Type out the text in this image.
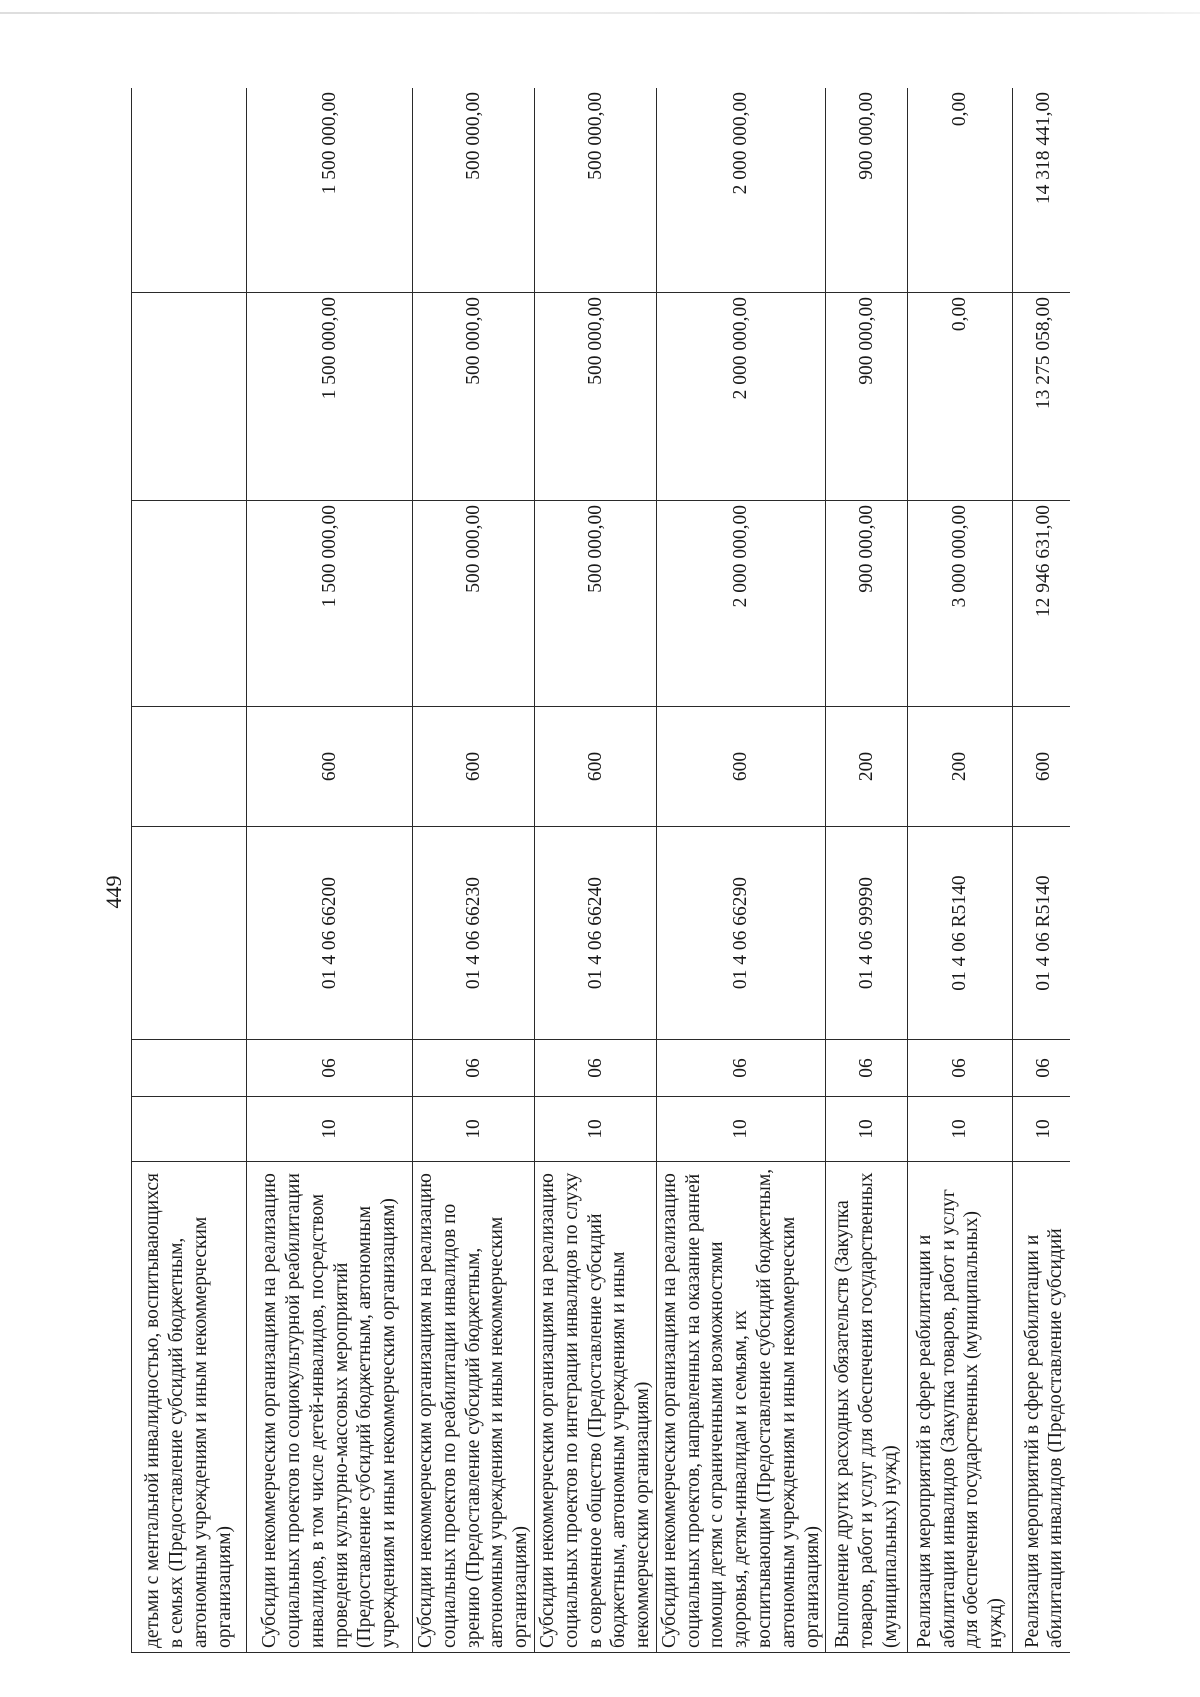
449
детьми с ментальной инвалидностью, воспитывающихся в семьях (Предоставление субсидий бюджетным, автономным учреждениям и иным некоммерческим организациям)							
Субсидии некоммерческим организациям на реализацию социальных проектов по социокультурной реабилитации инвалидов, в том числе детей-инвалидов, посредством проведения культурно-массовых мероприятий (Предоставление субсидий бюджетным, автономным учреждениям и иным некоммерческим организациям)	10	06	01 4 06 66200	600	1 500 000,00	1 500 000,00	1 500 000,00
Субсидии некоммерческим организациям на реализацию социальных проектов по реабилитации инвалидов по зрению (Предоставление субсидий бюджетным, автономным учреждениям и иным некоммерческим организациям)	10	06	01 4 06 66230	600	500 000,00	500 000,00	500 000,00
Субсидии некоммерческим организациям на реализацию социальных проектов по интеграции инвалидов по слуху в современное общество (Предоставление субсидий бюджетным, автономным учреждениям и иным некоммерческим организациям)	10	06	01 4 06 66240	600	500 000,00	500 000,00	500 000,00
Субсидии некоммерческим организациям на реализацию социальных проектов, направленных на оказание ранней помощи детям с ограниченными возможностями здоровья, детям-инвалидам и семьям, их воспитывающим (Предоставление субсидий бюджетным, автономным учреждениям и иным некоммерческим организациям)	10	06	01 4 06 66290	600	2 000 000,00	2 000 000,00	2 000 000,00
Выполнение других расходных обязательств (Закупка товаров, работ и услуг для обеспечения государственных (муниципальных) нужд)	10	06	01 4 06 99990	200	900 000,00	900 000,00	900 000,00
Реализация мероприятий в сфере реабилитации и абилитации инвалидов (Закупка товаров, работ и услуг для обеспечения государственных (муниципальных) нужд)	10	06	01 4 06 R5140	200	3 000 000,00	0,00	0,00
Реализация мероприятий в сфере реабилитации и абилитации инвалидов (Предоставление субсидий	10	06	01 4 06 R5140	600	12 946 631,00	13 275 058,00	14 318 441,00
